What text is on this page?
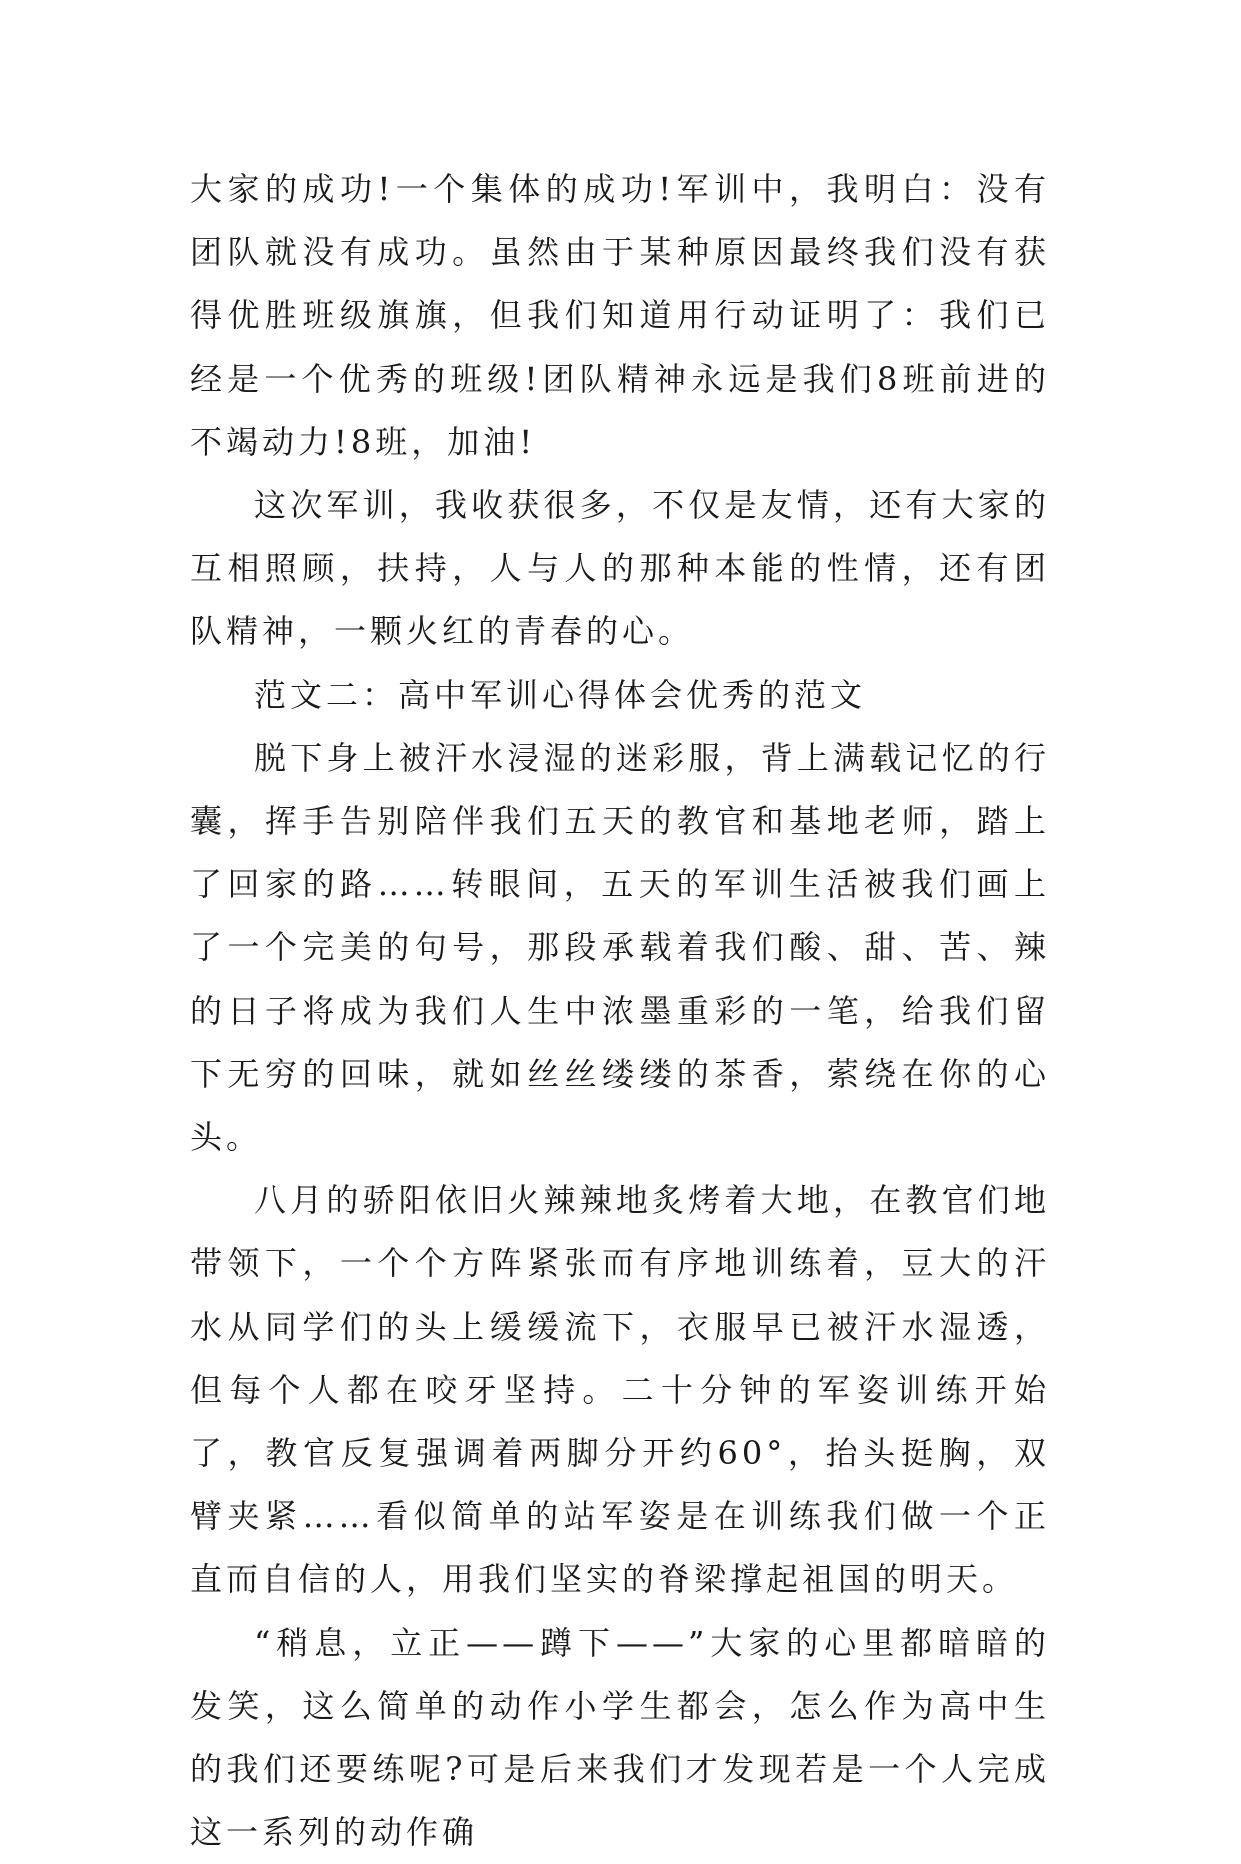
大家的成功!一个集体的成功!军训中，我明白：没有团队就没有成功。虽然由于某种原因最终我们没有获得优胜班级旗旗，但我们知道用行动证明了：我们已经是一个优秀的班级!团队精神永远是我们8班前进的不竭动力!8班，加油!

这次军训，我收获很多，不仅是友情，还有大家的互相照顾，扶持，人与人的那种本能的性情，还有团队精神，一颗火红的青春的心。

范文二：高中军训心得体会优秀的范文

脱下身上被汗水浸湿的迷彩服，背上满载记忆的行囊，挥手告别陪伴我们五天的教官和基地老师，踏上了回家的路……转眼间，五天的军训生活被我们画上了一个完美的句号，那段承载着我们酸、甜、苦、辣的日子将成为我们人生中浓墨重彩的一笔，给我们留下无穷的回味，就如丝丝缕缕的茶香，萦绕在你的心头。

八月的骄阳依旧火辣辣地炙烤着大地，在教官们地带领下，一个个方阵紧张而有序地训练着，豆大的汗水从同学们的头上缓缓流下，衣服早已被汗水湿透，但每个人都在咬牙坚持。二十分钟的军姿训练开始了，教官反复强调着两脚分开约60°，抬头挺胸，双臂夹紧……看似简单的站军姿是在训练我们做一个正直而自信的人，用我们坚实的脊梁撑起祖国的明天。

“稍息，立正——蹲下——”大家的心里都暗暗的发笑，这么简单的动作小学生都会，怎么作为高中生的我们还要练呢?可是后来我们才发现若是一个人完成这一系列的动作确
